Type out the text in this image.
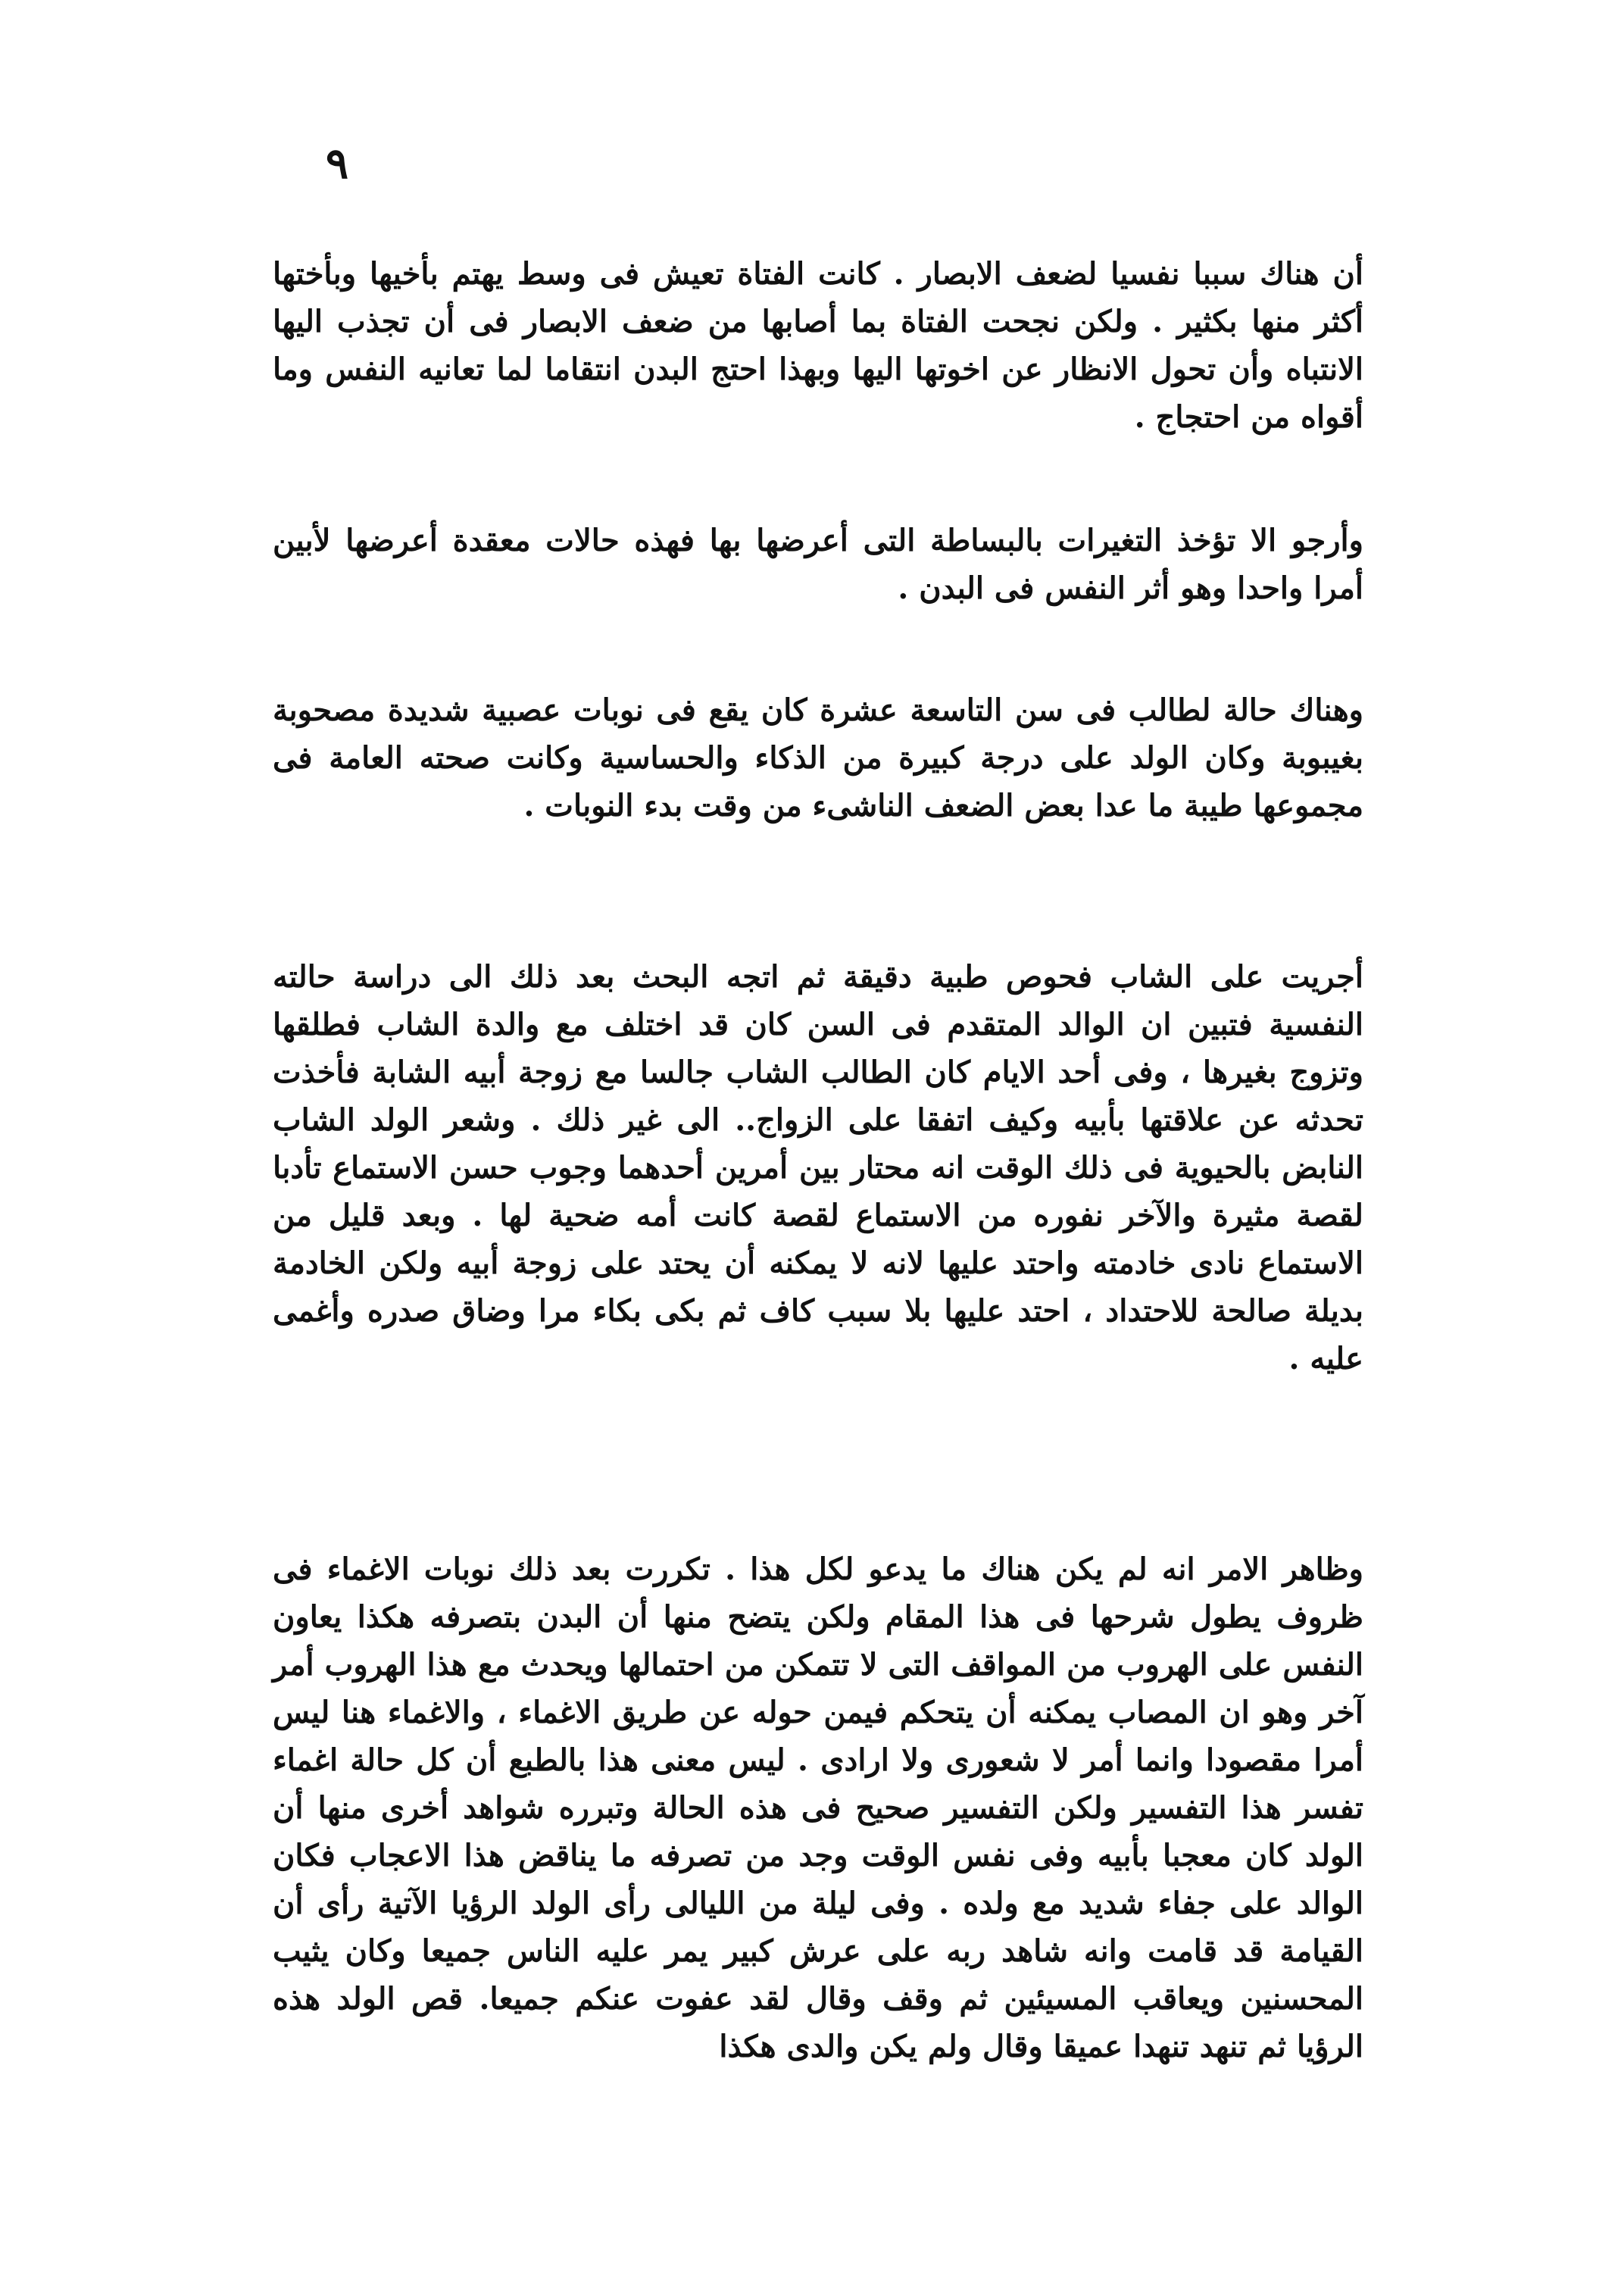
٩

أن هناك سببا نفسيا لضعف الابصار . كانت الفتاة تعيش فى وسط يهتم بأخيها وبأختها أكثر منها بكثير . ولكن نجحت الفتاة بما أصابها من ضعف الابصار فى أن تجذب اليها الانتباه وأن تحول الانظار عن اخوتها اليها وبهذا احتج البدن انتقاما لما تعانيه النفس وما أقواه من احتجاج .

وأرجو الا تؤخذ التغيرات بالبساطة التى أعرضها بها فهذه حالات معقدة أعرضها لأبين أمرا واحدا وهو أثر النفس فى البدن .

وهناك حالة لطالب فى سن التاسعة عشرة كان يقع فى نوبات عصبية شديدة مصحوبة بغيبوبة وكان الولد على درجة كبيرة من الذكاء والحساسية وكانت صحته العامة فى مجموعها طيبة ما عدا بعض الضعف الناشىء من وقت بدء النوبات .

أجريت على الشاب فحوص طبية دقيقة ثم اتجه البحث بعد ذلك الى دراسة حالته النفسية فتبين ان الوالد المتقدم فى السن كان قد اختلف مع والدة الشاب فطلقها وتزوج بغيرها ، وفى أحد الايام كان الطالب الشاب جالسا مع زوجة أبيه الشابة فأخذت تحدثه عن علاقتها بأبيه وكيف اتفقا على الزواج.. الى غير ذلك . وشعر الولد الشاب النابض بالحيوية فى ذلك الوقت انه محتار بين أمرين أحدهما وجوب حسن الاستماع تأدبا لقصة مثيرة والآخر نفوره من الاستماع لقصة كانت أمه ضحية لها . وبعد قليل من الاستماع نادى خادمته واحتد عليها لانه لا يمكنه أن يحتد على زوجة أبيه ولكن الخادمة بديلة صالحة للاحتداد ، احتد عليها بلا سبب كاف ثم بكى بكاء مرا وضاق صدره وأغمى عليه .

وظاهر الامر انه لم يكن هناك ما يدعو لكل هذا . تكررت بعد ذلك نوبات الاغماء فى ظروف يطول شرحها فى هذا المقام ولكن يتضح منها أن البدن بتصرفه هكذا يعاون النفس على الهروب من المواقف التى لا تتمكن من احتمالها ويحدث مع هذا الهروب أمر آخر وهو ان المصاب يمكنه أن يتحكم فيمن حوله عن طريق الاغماء ، والاغماء هنا ليس أمرا مقصودا وانما أمر لا شعورى ولا ارادى . ليس معنى هذا بالطبع أن كل حالة اغماء تفسر هذا التفسير ولكن التفسير صحيح فى هذه الحالة وتبرره شواهد أخرى منها أن الولد كان معجبا بأبيه وفى نفس الوقت وجد من تصرفه ما يناقض هذا الاعجاب فكان الوالد على جفاء شديد مع ولده . وفى ليلة من الليالى رأى الولد الرؤيا الآتية رأى أن القيامة قد قامت وانه شاهد ربه على عرش كبير يمر عليه الناس جميعا وكان يثيب المحسنين ويعاقب المسيئين ثم وقف وقال لقد عفوت عنكم جميعا. قص الولد هذه الرؤيا ثم تنهد تنهدا عميقا وقال ولم يكن والدى هكذا
